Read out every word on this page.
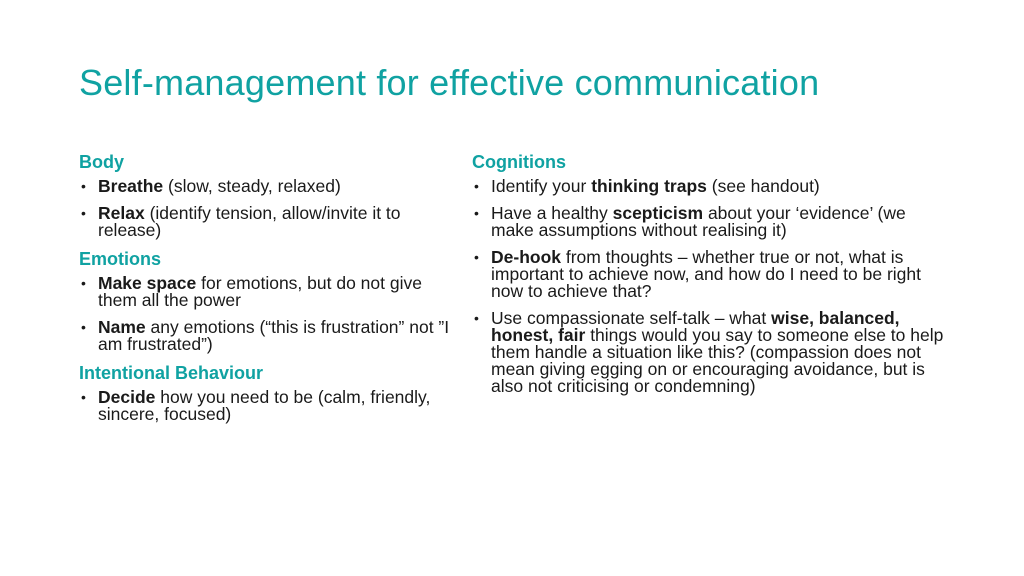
Self-management for effective communication
Body
• Breathe (slow, steady, relaxed)
• Relax (identify tension, allow/invite it to release)
Emotions
• Make space for emotions, but do not give them all the power
• Name any emotions (“this is frustration” not ”I am frustrated”)
Intentional Behaviour
• Decide how you need to be (calm, friendly, sincere, focused)
Cognitions
• Identify your thinking traps (see handout)
• Have a healthy scepticism about your ‘evidence’ (we make assumptions without realising it)
• De-hook from thoughts – whether true or not, what is important to achieve now, and how do I need to be right now to achieve that?
• Use compassionate self-talk – what wise, balanced, honest, fair things would you say to someone else to help them handle a situation like this? (compassion does not mean giving egging on or encouraging avoidance, but is also not criticising or condemning)
